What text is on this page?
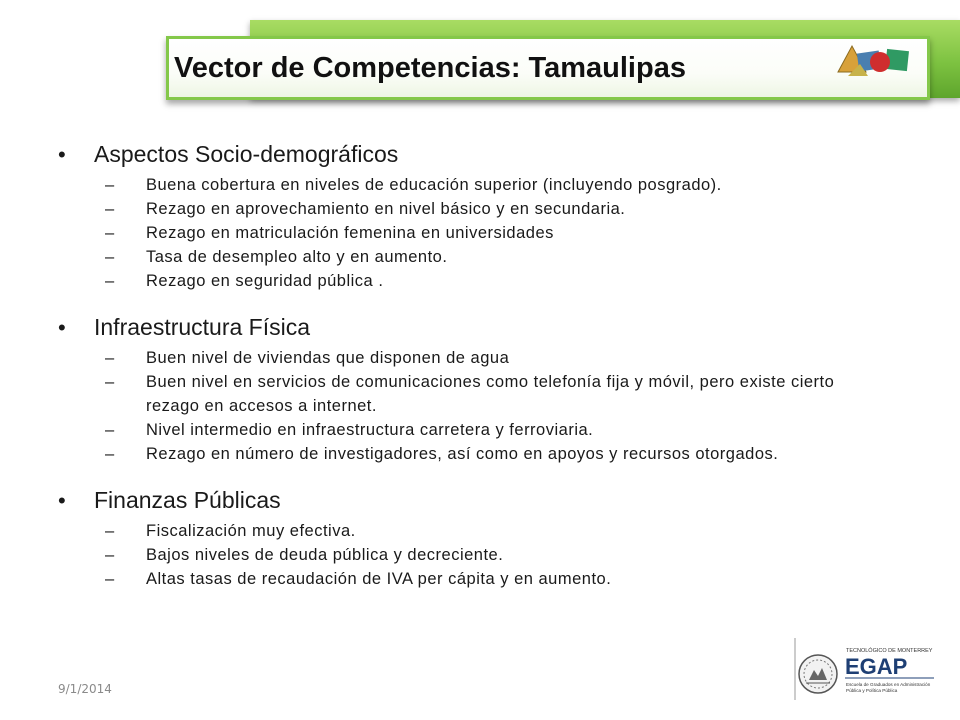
Vector de Competencias: Tamaulipas
•	Aspectos Socio-demográficos
–	Buena cobertura en niveles de educación superior (incluyendo posgrado).
–	Rezago en aprovechamiento en nivel básico y en secundaria.
–	Rezago en matriculación femenina en universidades
–	Tasa de desempleo alto y en aumento.
–	Rezago en seguridad pública .
•	Infraestructura Física
–	Buen nivel de viviendas que disponen de agua
–	Buen nivel en servicios de comunicaciones como telefonía fija y móvil, pero existe cierto rezago en accesos a internet.
–	Nivel intermedio en infraestructura carretera y ferroviaria.
–	Rezago en número de investigadores, así como en apoyos y recursos otorgados.
•	Finanzas Públicas
–	Fiscalización muy efectiva.
–	Bajos niveles de deuda pública y decreciente.
–	Altas tasas de recaudación de IVA per cápita y en aumento.
9/1/2014
TECNOLÓGICO DE MONTERREY
EGAP
Escuela de Graduados en Administración
Pública y Política Pública
